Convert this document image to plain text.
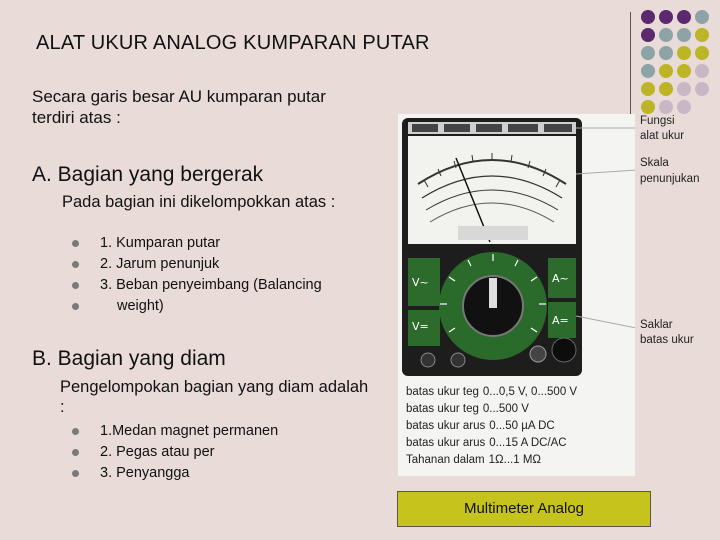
ALAT UKUR ANALOG KUMPARAN PUTAR
Secara garis besar AU kumparan putar terdiri atas :
A. Bagian yang bergerak
Pada bagian ini dikelompokkan atas :
1. Kumparan putar
2. Jarum penunjuk
3. Beban penyeimbang (Balancing
weight)
B. Bagian yang diam
Pengelompokan bagian yang diam adalah :
1.Medan magnet permanen
2. Pegas atau per
3. Penyangga
V~
V=
A~
A=
Fungsi
alat ukur
Skala
penunjukan
Saklar
batas ukur
batas ukur teg 0...0,5 V, 0...500 V
batas ukur teg 0...500 V
batas ukur arus 0...50 µA DC
batas ukur arus 0...15 A DC/AC
Tahanan dalam 1Ω...1 MΩ
Multimeter Analog
